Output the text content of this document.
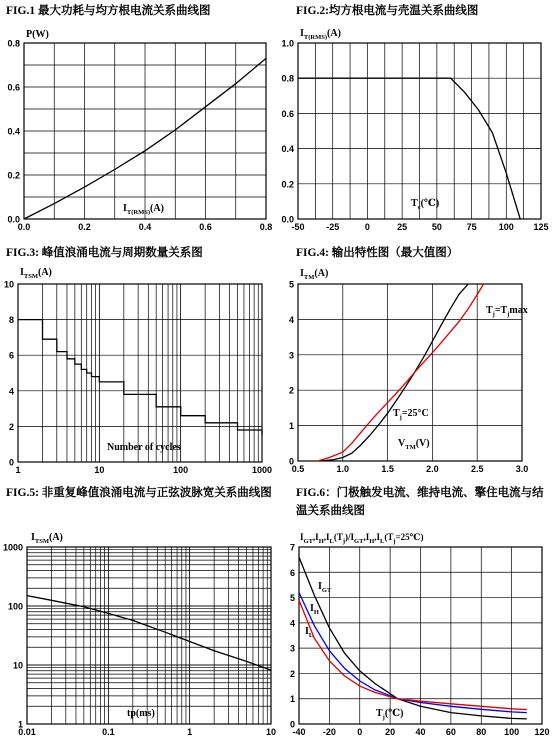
FIG.1 最大功耗与均方根电流关系曲线图	FIG.2:均方根电流与壳温关系曲线图
FIG.3: 峰值浪涌电流与周期数量关系图	FIG.4: 输出特性图（最大值图）
FIG.5: 非重复峰值浪涌电流与正弦波脉宽关系曲线图	FIG.6：门极触发电流、维持电流、擎住电流与结温关系曲线图
0.0	0.2	0.4	0.6	0.8
0.0
0.2
0.4
0.6
0.8
-50 -25	0	25	50	75 100 125
0.0
0.2
0.4
0.6
0.8
1.0
1	10	100	1000
0
2
4
6
8
10
0.5	1.0	1.5	2.0	2.5	3.0
0
1
2
3
4
5
0.01	0.1	1	10
1
10
100
1000
-40 -20 0	20 40 60 80 100 120
0
1
2
3
4
5
6
7
P(W)
$I_{T(RMS)}(A)$
$I_{T(RMS)}(A)$
$T_c(℃)$
$I_{TSM}(A)$
Number of cycles
$I_{TM}(A)$
$V_{TM}(V)$
$T_j=25^\circ C$
$T_j=T_j\max$
$I_{TSM}(A)$
tp(ms)
$I_{GT},I_H,I_L(T_j)/I_{GT},I_H,I_L(T_j=25℃)$
$T_j(℃)$
$I_{GT}$
$I_H$
$I_L$
